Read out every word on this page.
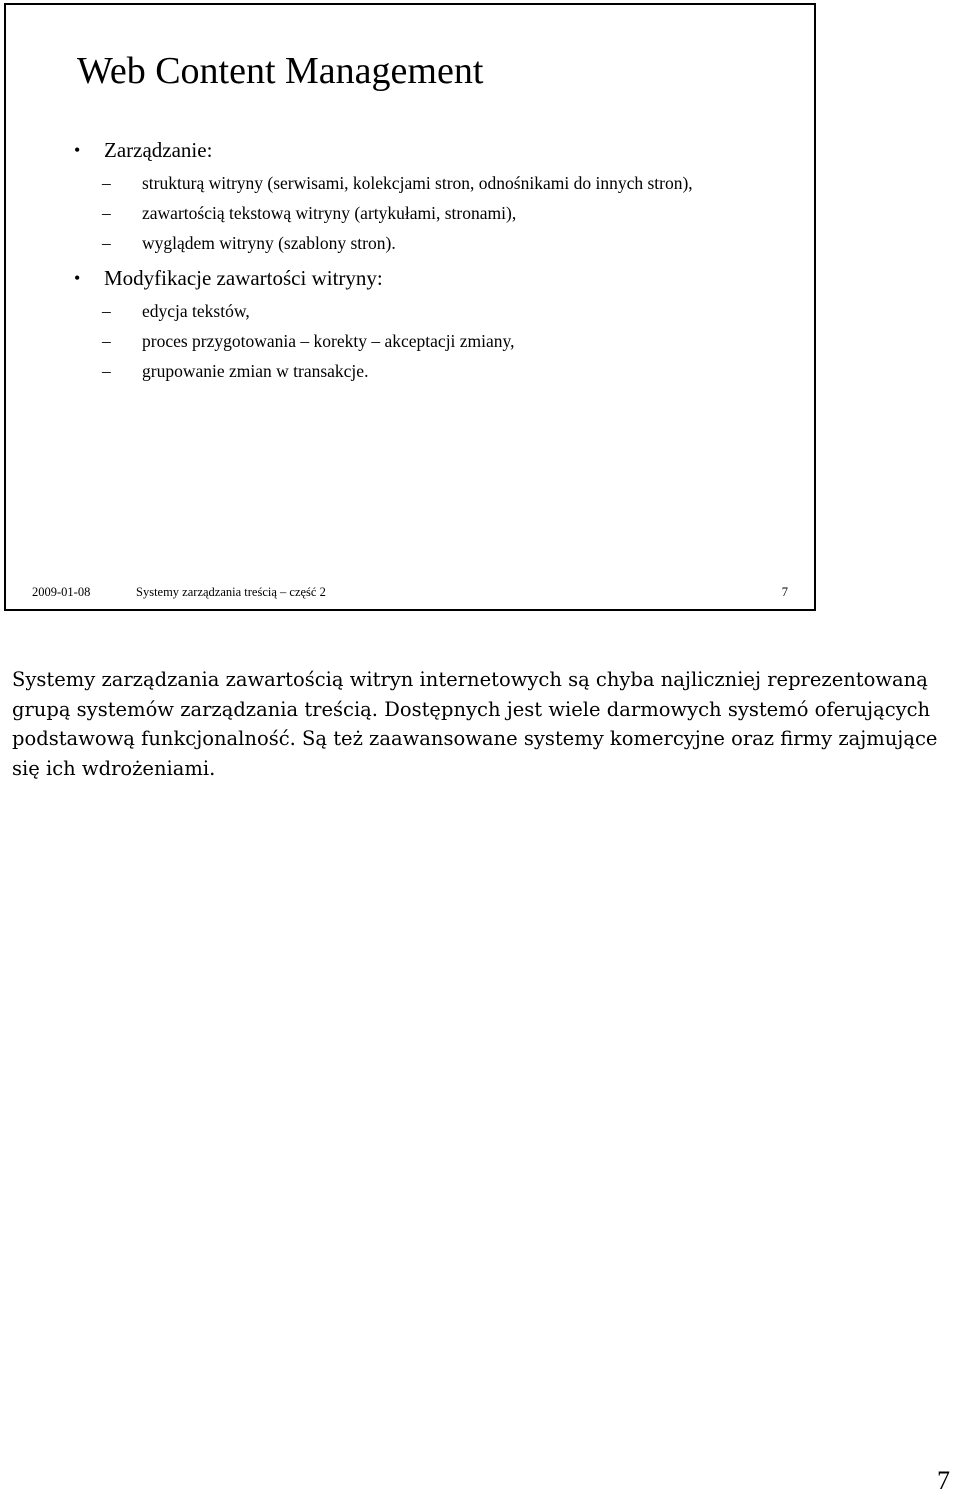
Web Content Management
• Zarządzanie:
– strukturą witryny (serwisami, kolekcjami stron, odnośnikami do innych stron),
– zawartością tekstową witryny (artykułami, stronami),
– wyglądem witryny (szablony stron).
• Modyfikacje zawartości witryny:
– edycja tekstów,
– proces przygotowania – korekty – akceptacji zmiany,
– grupowanie zmian w transakcje.
2009-01-08	Systemy zarządzania treścią – część 2	7

Systemy zarządzania zawartością witryn internetowych są chyba najliczniej reprezentowaną grupą systemów zarządzania treścią. Dostępnych jest wiele darmowych systemó oferujących podstawową funkcjonalność. Są też zaawansowane systemy komercyjne oraz firmy zajmujące się ich wdrożeniami.

7
